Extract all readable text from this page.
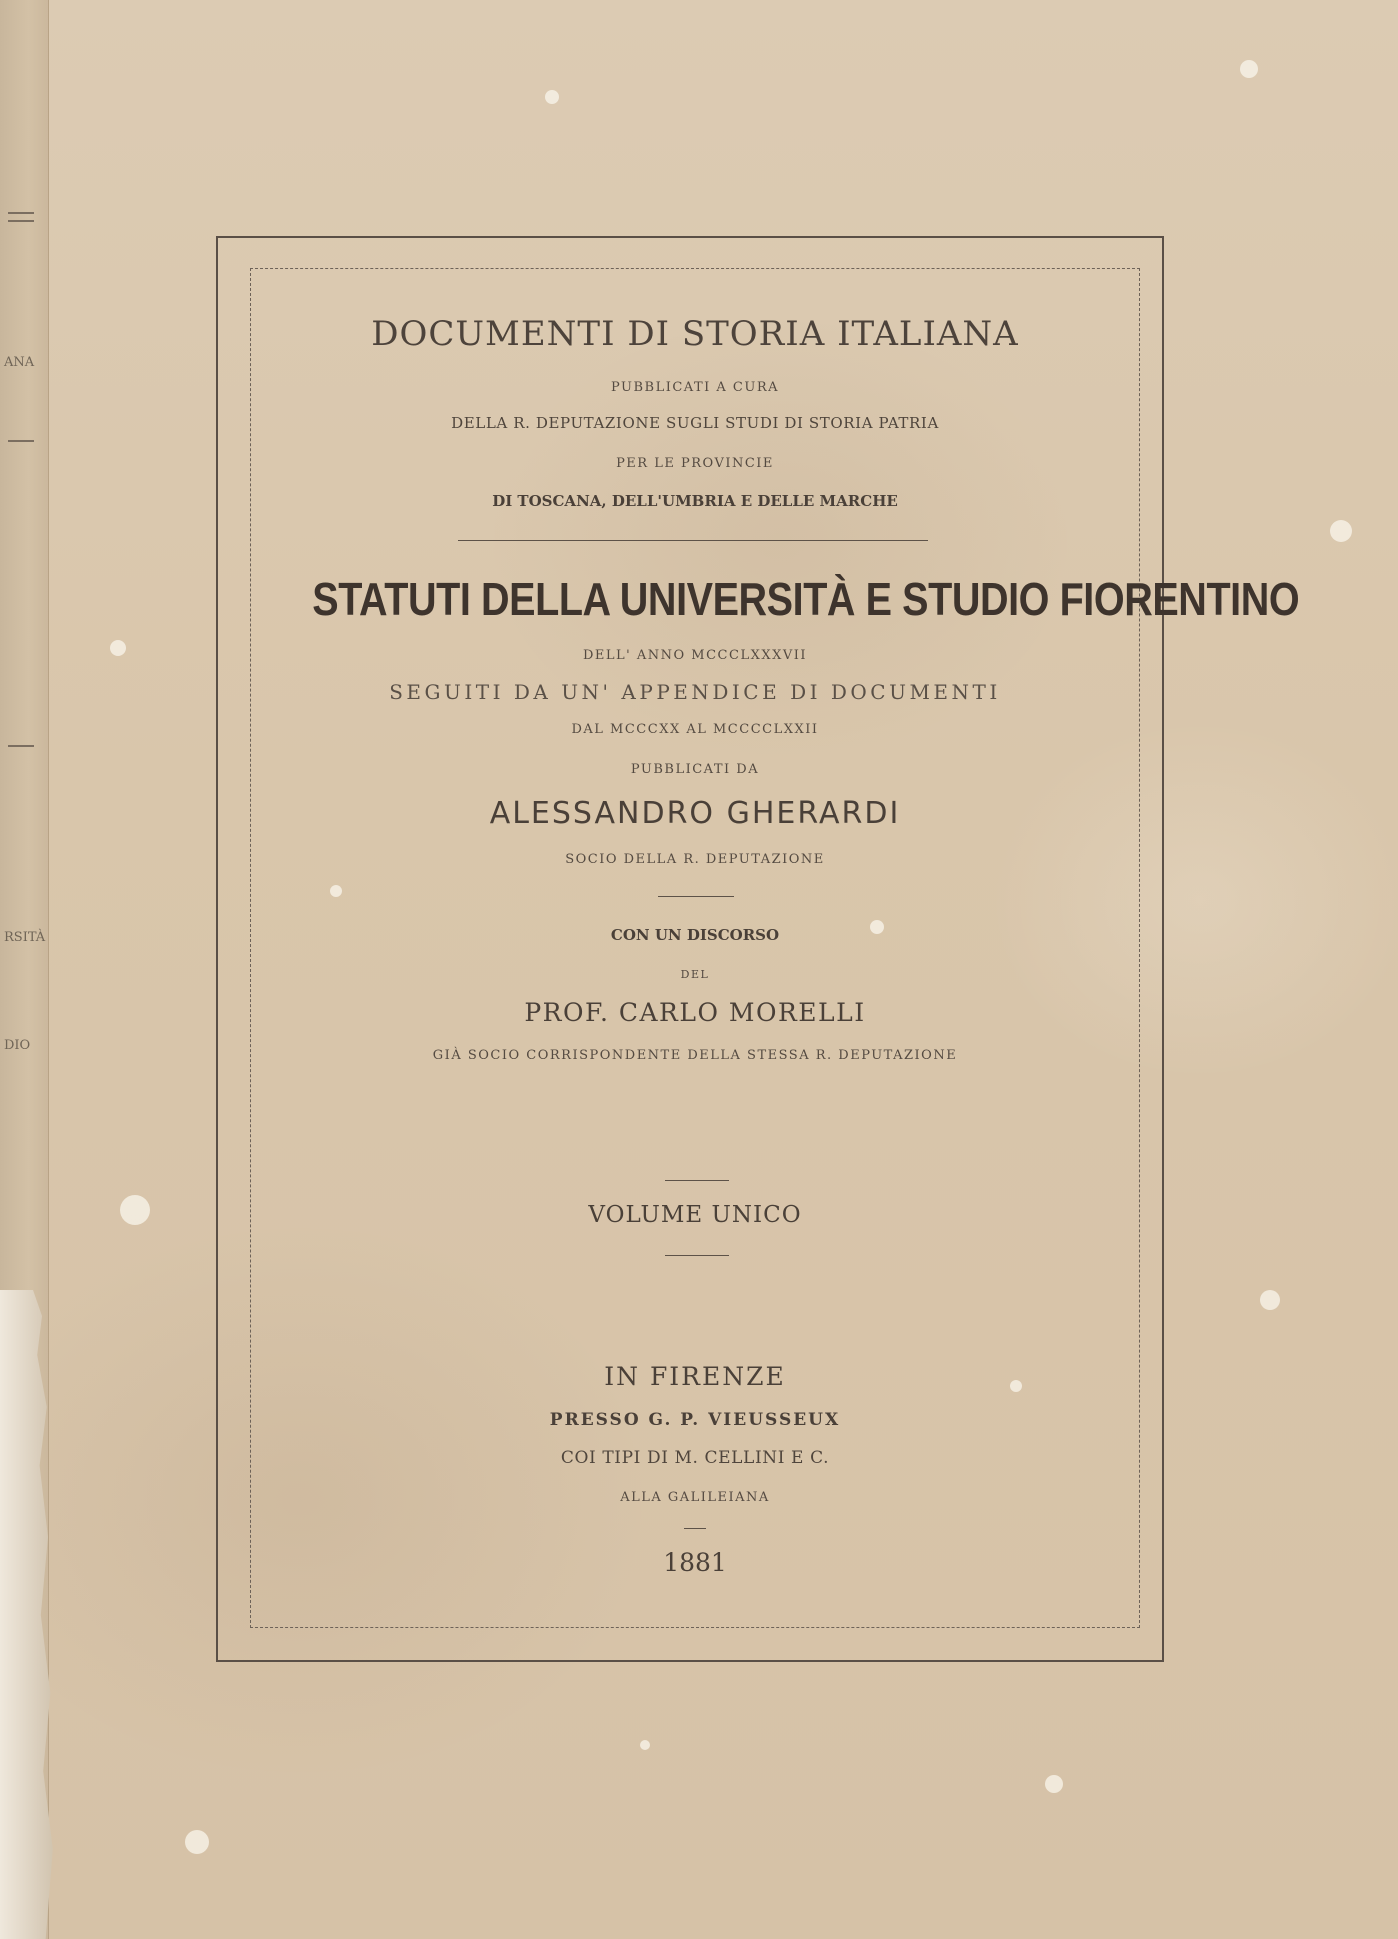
ANA
RSITÀ
DIO
DOCUMENTI DI STORIA ITALIANA
PUBBLICATI A CURA
DELLA R. DEPUTAZIONE SUGLI STUDI DI STORIA PATRIA
PER LE PROVINCIE
DI TOSCANA, DELL'UMBRIA E DELLE MARCHE
STATUTI DELLA UNIVERSITÀ E STUDIO FIORENTINO
DELL' ANNO MCCCLXXXVII
SEGUITI DA UN' APPENDICE DI DOCUMENTI
DAL MCCCXX AL MCCCCLXXII
PUBBLICATI DA
ALESSANDRO GHERARDI
SOCIO DELLA R. DEPUTAZIONE
CON UN DISCORSO
DEL
PROF. CARLO MORELLI
GIÀ SOCIO CORRISPONDENTE DELLA STESSA R. DEPUTAZIONE
VOLUME UNICO
IN FIRENZE
PRESSO G. P. VIEUSSEUX
COI TIPI DI M. CELLINI E C.
ALLA GALILEIANA
1881
